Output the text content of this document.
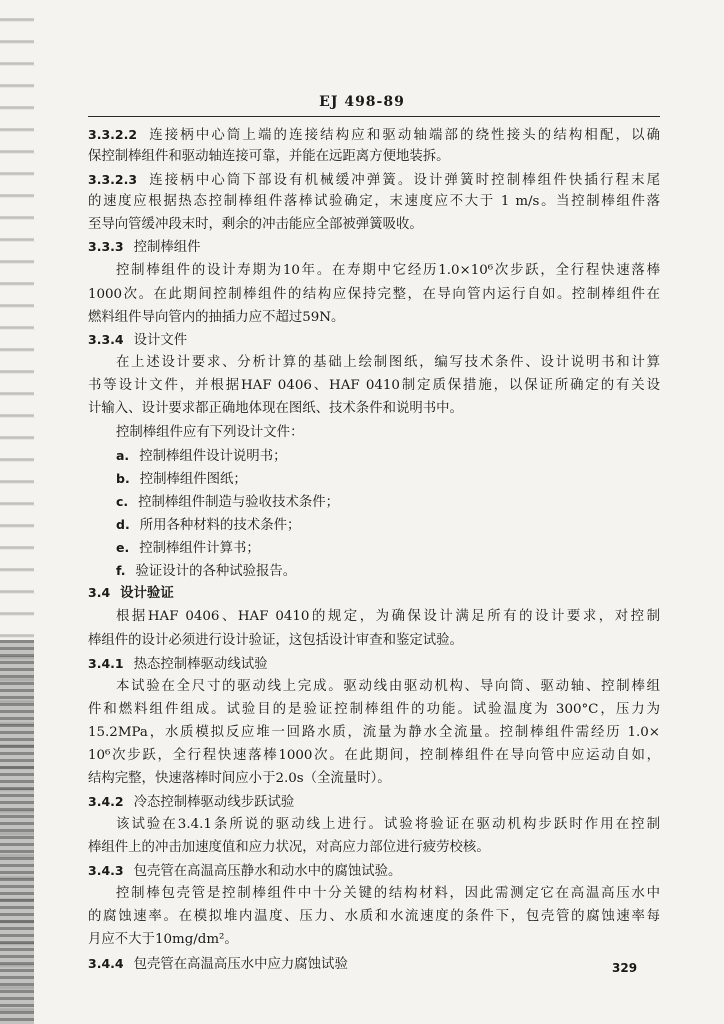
EJ 498-89
3.3.2.2 连接柄中心筒上端的连接结构应和驱动轴端部的绕性接头的结构相配，以确
保控制棒组件和驱动轴连接可靠，并能在远距离方便地装拆。
3.3.2.3 连接柄中心筒下部设有机械缓冲弹簧。设计弹簧时控制棒组件快插行程末尾
的速度应根据热态控制棒组件落棒试验确定，末速度应不大于 1 m/s。当控制棒组件落
至导向管缓冲段末时，剩余的冲击能应全部被弹簧吸收。
3.3.3 控制棒组件
控制棒组件的设计寿期为10年。在寿期中它经历1.0×10⁶次步跃，全行程快速落棒
1000次。在此期间控制棒组件的结构应保持完整，在导向管内运行自如。控制棒组件在
燃料组件导向管内的抽插力应不超过59N。
3.3.4 设计文件
在上述设计要求、分析计算的基础上绘制图纸，编写技术条件、设计说明书和计算
书等设计文件，并根据HAF 0406、HAF 0410制定质保措施，以保证所确定的有关设
计输入、设计要求都正确地体现在图纸、技术条件和说明书中。
控制棒组件应有下列设计文件：
a. 控制棒组件设计说明书；
b. 控制棒组件图纸；
c. 控制棒组件制造与验收技术条件；
d. 所用各种材料的技术条件；
e. 控制棒组件计算书；
f. 验证设计的各种试验报告。
3.4 设计验证
根据HAF 0406、HAF 0410的规定，为确保设计满足所有的设计要求，对控制
棒组件的设计必须进行设计验证，这包括设计审查和鉴定试验。
3.4.1 热态控制棒驱动线试验
本试验在全尺寸的驱动线上完成。驱动线由驱动机构、导向筒、驱动轴、控制棒组
件和燃料组件组成。试验目的是验证控制棒组件的功能。试验温度为 300°C，压力为
15.2MPa，水质模拟反应堆一回路水质，流量为静水全流量。控制棒组件需经历 1.0×
10⁶次步跃，全行程快速落棒1000次。在此期间，控制棒组件在导向管中应运动自如，
结构完整，快速落棒时间应小于2.0s（全流量时）。
3.4.2 冷态控制棒驱动线步跃试验
该试验在3.4.1条所说的驱动线上进行。试验将验证在驱动机构步跃时作用在控制
棒组件上的冲击加速度值和应力状况，对高应力部位进行疲劳校核。
3.4.3 包壳管在高温高压静水和动水中的腐蚀试验。
控制棒包壳管是控制棒组件中十分关键的结构材料，因此需测定它在高温高压水中
的腐蚀速率。在模拟堆内温度、压力、水质和水流速度的条件下，包壳管的腐蚀速率每
月应不大于10mg/dm²。
3.4.4 包壳管在高温高压水中应力腐蚀试验	329
